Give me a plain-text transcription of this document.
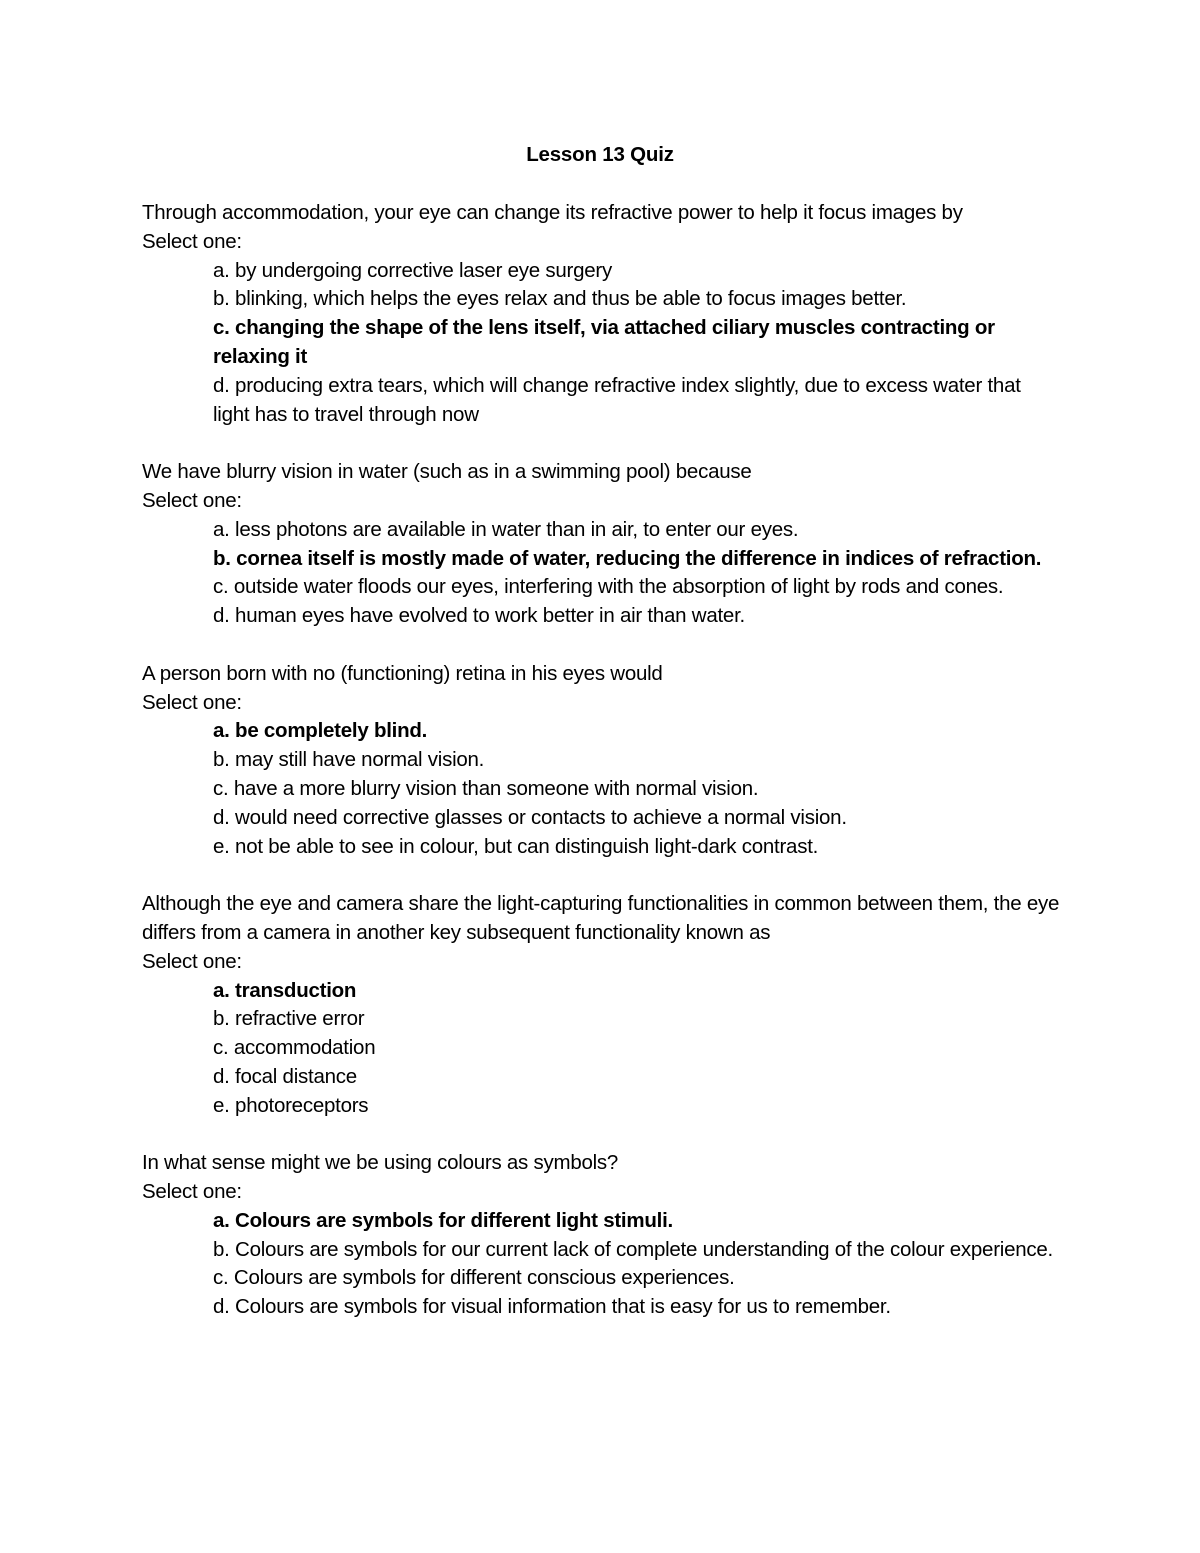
Lesson 13 Quiz
Through accommodation, your eye can change its refractive power to help it focus images by
Select one:
a. by undergoing corrective laser eye surgery
b. blinking, which helps the eyes relax and thus be able to focus images better.
c. changing the shape of the lens itself, via attached ciliary muscles contracting or relaxing it
d. producing extra tears, which will change refractive index slightly, due to excess water that light has to travel through now
We have blurry vision in water (such as in a swimming pool) because
Select one:
a. less photons are available in water than in air, to enter our eyes.
b. cornea itself is mostly made of water, reducing the difference in indices of refraction.
c. outside water floods our eyes, interfering with the absorption of light by rods and cones.
d. human eyes have evolved to work better in air than water.
A person born with no (functioning) retina in his eyes would
Select one:
a. be completely blind.
b. may still have normal vision.
c. have a more blurry vision than someone with normal vision.
d. would need corrective glasses or contacts to achieve a normal vision.
e. not be able to see in colour, but can distinguish light-dark contrast.
Although the eye and camera share the light-capturing functionalities in common between them, the eye differs from a camera in another key subsequent functionality known as
Select one:
a. transduction
b. refractive error
c. accommodation
d. focal distance
e. photoreceptors
In what sense might we be using colours as symbols?
Select one:
a. Colours are symbols for different light stimuli.
b. Colours are symbols for our current lack of complete understanding of the colour experience.
c. Colours are symbols for different conscious experiences.
d. Colours are symbols for visual information that is easy for us to remember.
